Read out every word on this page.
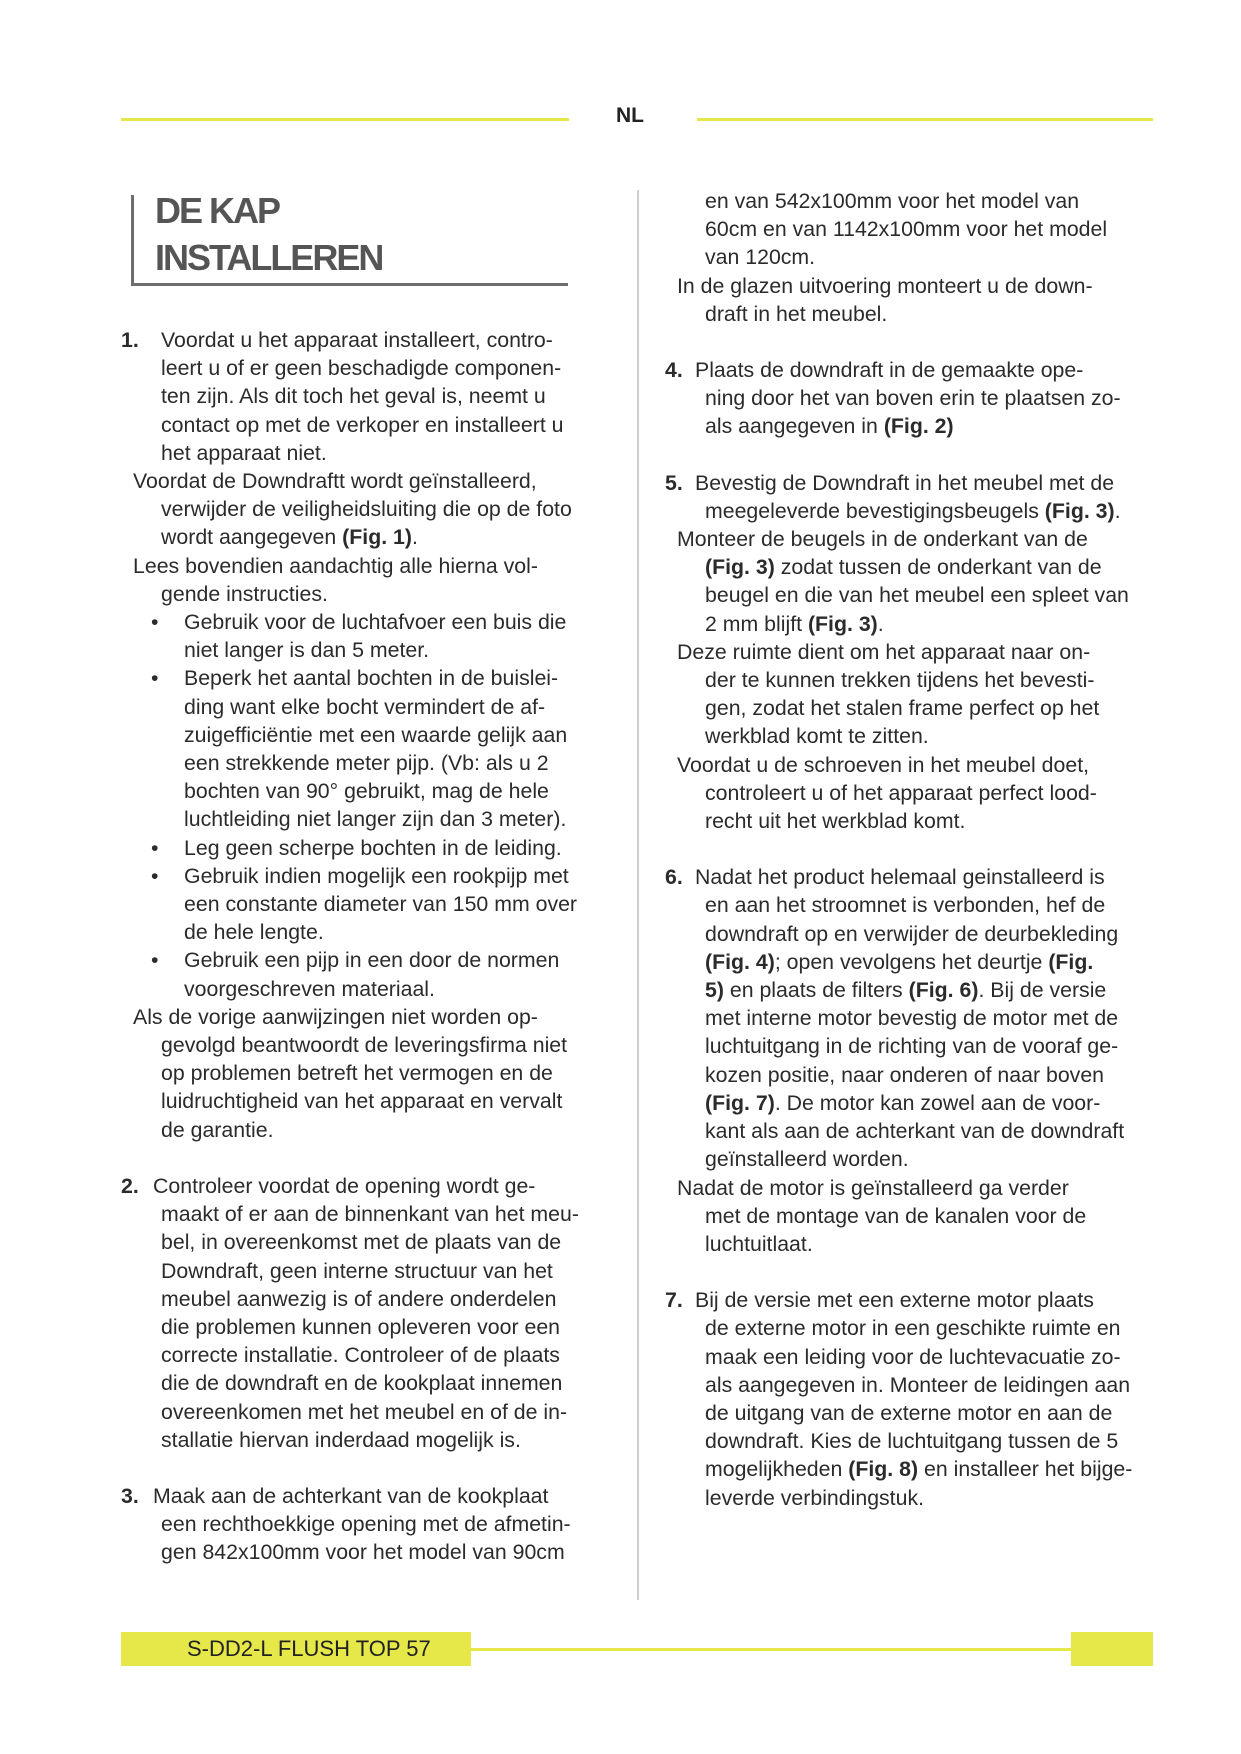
NL
DE KAP
INSTALLEREN
1. Voordat u het apparaat installeert, contro-

leert u of er geen beschadigde componen-

ten zijn. Als dit toch het geval is, neemt u

contact op met de verkoper en installeert u

het apparaat niet.

Voordat de Downdraftt wordt geïnstalleerd,

verwijder de veiligheidsluiting die op de foto

wordt aangegeven (Fig. 1).

Lees bovendien aandachtig alle hierna vol-

gende instructies.

• Gebruik voor de luchtafvoer een buis die

niet langer is dan 5 meter.

• Beperk het aantal bochten in de buislei-

ding want elke bocht vermindert de af-

zuigefficiëntie met een waarde gelijk aan

een strekkende meter pijp. (Vb: als u 2

bochten van 90° gebruikt, mag de hele

luchtleiding niet langer zijn dan 3 meter).

• Leg geen scherpe bochten in de leiding.

• Gebruik indien mogelijk een rookpijp met

een constante diameter van 150 mm over

de hele lengte.

• Gebruik een pijp in een door de normen

voorgeschreven materiaal.

Als de vorige aanwijzingen niet worden op-

gevolgd beantwoordt de leveringsfirma niet

op problemen betreft het vermogen en de

luidruchtigheid van het apparaat en vervalt

de garantie.

2. Controleer voordat de opening wordt ge-

maakt of er aan de binnenkant van het meu-

bel, in overeenkomst met de plaats van de

Downdraft, geen interne structuur van het

meubel aanwezig is of andere onderdelen

die problemen kunnen opleveren voor een

correcte installatie. Controleer of de plaats

die de downdraft en de kookplaat innemen

overeenkomen met het meubel en of de in-

stallatie hiervan inderdaad mogelijk is.

3. Maak aan de achterkant van de kookplaat

een rechthoekkige opening met de afmetin-

gen 842x100mm voor het model van 90cm

en van 542x100mm voor het model van

60cm en van 1142x100mm voor het model

van 120cm.

In de glazen uitvoering monteert u de down-

draft in het meubel.

4. Plaats de downdraft in de gemaakte ope-

ning door het van boven erin te plaatsen zo-

als aangegeven in (Fig. 2)

5. Bevestig de Downdraft in het meubel met de

meegeleverde bevestigingsbeugels (Fig. 3).

Monteer de beugels in de onderkant van de

(Fig. 3) zodat tussen de onderkant van de

beugel en die van het meubel een spleet van

2 mm blijft (Fig. 3).

Deze ruimte dient om het apparaat naar on-

der te kunnen trekken tijdens het bevesti-

gen, zodat het stalen frame perfect op het

werkblad komt te zitten.

Voordat u de schroeven in het meubel doet,

controleert u of het apparaat perfect lood-

recht uit het werkblad komt.

6. Nadat het product helemaal geinstalleerd is

en aan het stroomnet is verbonden, hef de

downdraft op en verwijder de deurbekleding

(Fig. 4); open vevolgens het deurtje (Fig.

5) en plaats de filters (Fig. 6). Bij de versie

met interne motor bevestig de motor met de

luchtuitgang in de richting van de vooraf ge-

kozen positie, naar onderen of naar boven

(Fig. 7). De motor kan zowel aan de voor-

kant als aan de achterkant van de downdraft

geïnstalleerd worden.

Nadat de motor is geïnstalleerd ga verder

met de montage van de kanalen voor de

luchtuitlaat.

7. Bij de versie met een externe motor plaats

de externe motor in een geschikte ruimte en

maak een leiding voor de luchtevacuatie zo-

als aangegeven in. Monteer de leidingen aan

de uitgang van de externe motor en aan de

downdraft. Kies de luchtuitgang tussen de 5

mogelijkheden (Fig. 8) en installeer het bijge-

leverde verbindingstuk.

S-DD2-L FLUSH TOP 57
